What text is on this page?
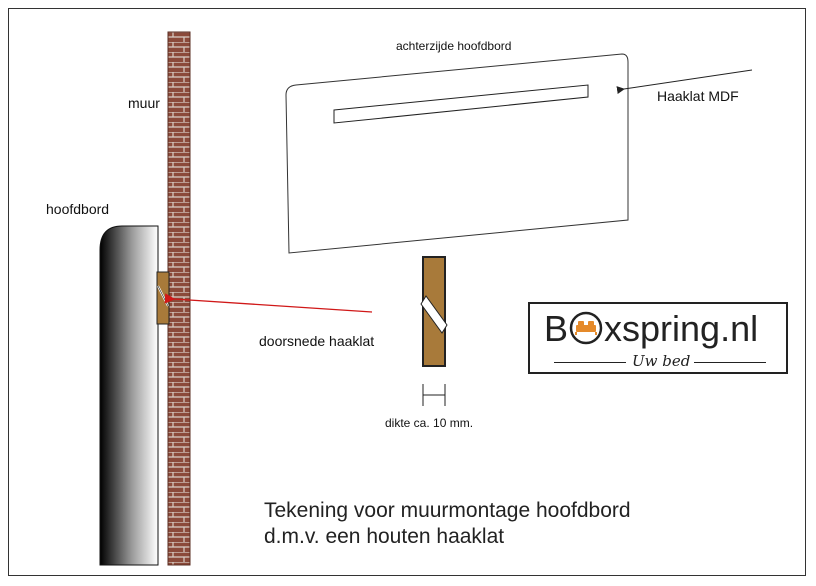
muur
hoofdbord
achterzijde hoofdbord
Haaklat MDF
doorsnede haaklat
dikte ca. 10 mm.
Tekening voor muurmontage hoofdbord
d.m.v. een houten haaklat
B xspring.nl
Uw bed
